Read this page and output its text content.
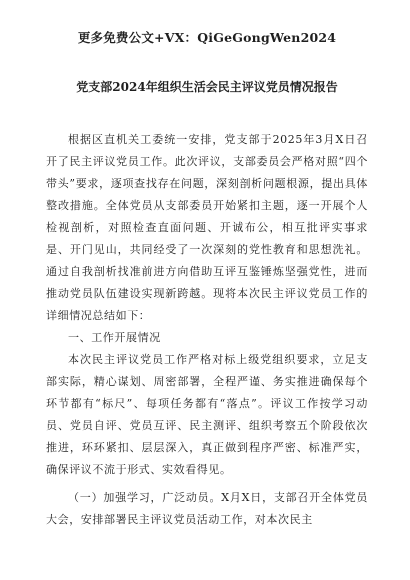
更多免费公文+VX：QiGeGongWen2024
党支部2024年组织生活会民主评议党员情况报告

根据区直机关工委统一安排，党支部于2025年3月X日召开了民主评议党员工作。此次评议，支部委员会严格对照“四个带头”要求，逐项查找存在问题，深刻剖析问题根源，提出具体整改措施。全体党员从支部委员开始紧扣主题，逐一开展个人检视剖析，对照检查直面问题、开诚布公，相互批评实事求是、开门见山，共同经受了一次深刻的党性教育和思想洗礼。通过自我剖析找准前进方向借助互评互鉴锤炼坚强党性，进而推动党员队伍建设实现新跨越。现将本次民主评议党员工作的详细情况总结如下：

一、工作开展情况

本次民主评议党员工作严格对标上级党组织要求，立足支部实际，精心谋划、周密部署，全程严谨、务实推进确保每个环节都有“标尺”、每项任务都有“落点”。评议工作按学习动员、党员自评、党员互评、民主测评、组织考察五个阶段依次推进，环环紧扣、层层深入，真正做到程序严密、标准严实，确保评议不流于形式、实效看得见。

（一）加强学习，广泛动员。X月X日，支部召开全体党员大会，安排部署民主评议党员活动工作，对本次民主
